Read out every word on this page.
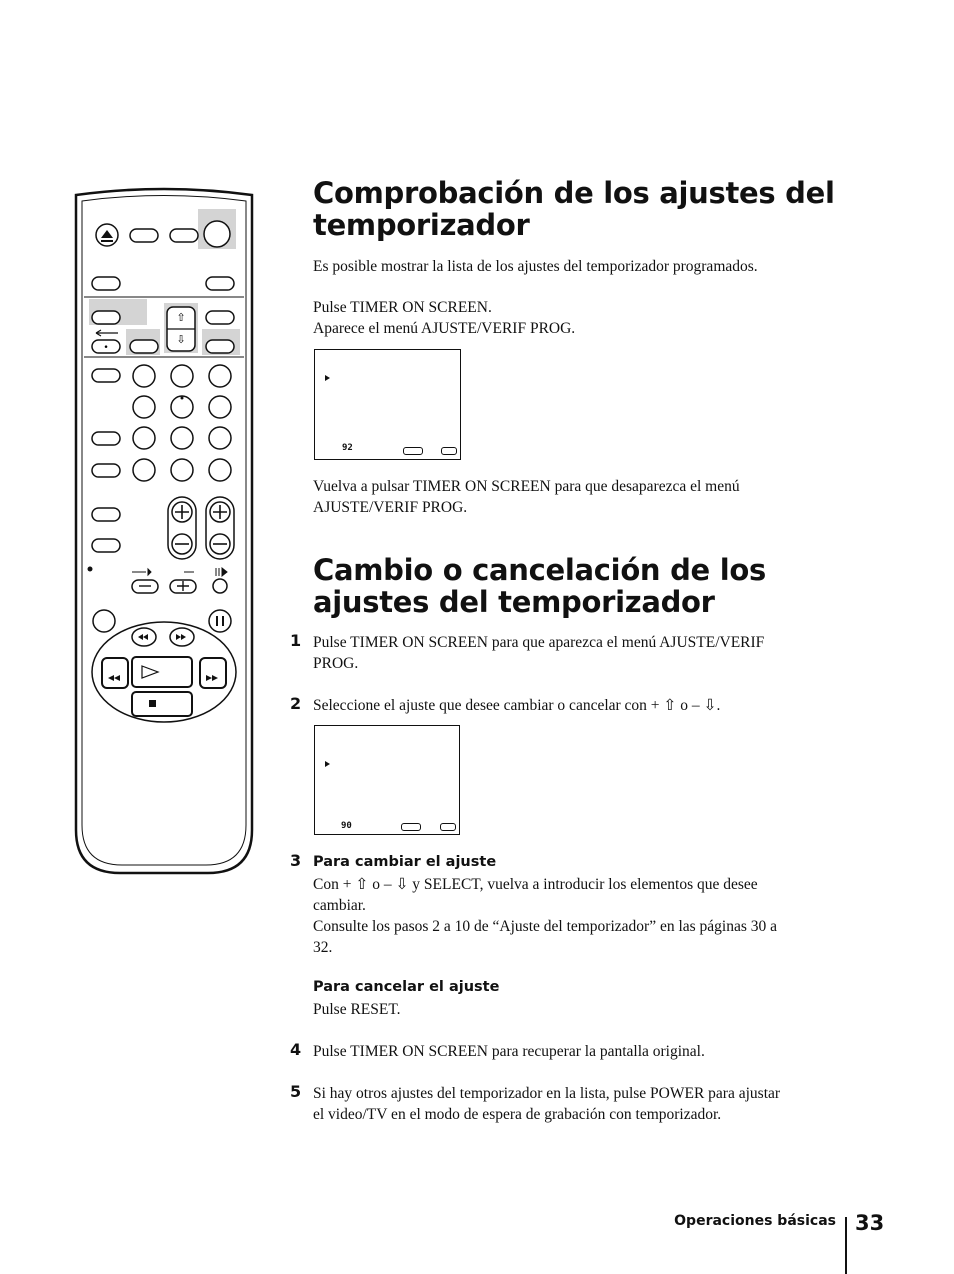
•
⇧
⇩
Comprobación de los ajustes del
temporizador
Es posible mostrar la lista de los ajustes del temporizador programados.
Pulse TIMER ON SCREEN.
Aparece el menú AJUSTE/VERIF PROG.
92
Vuelva a pulsar TIMER ON SCREEN para que desaparezca el menú
AJUSTE/VERIF PROG.
Cambio o cancelación de los
ajustes del temporizador
1 Pulse TIMER ON SCREEN para que aparezca el menú AJUSTE/VERIF
PROG.
2 Seleccione el ajuste que desee cambiar o cancelar con + ⇧ o – ⇩.
90
3 Para cambiar el ajuste
Con + ⇧ o – ⇩ y SELECT, vuelva a introducir los elementos que desee
cambiar.
Consulte los pasos 2 a 10 de “Ajuste del temporizador” en las páginas 30 a
32.
Para cancelar el ajuste
Pulse RESET.
4 Pulse TIMER ON SCREEN para recuperar la pantalla original.
5 Si hay otros ajustes del temporizador en la lista, pulse POWER para ajustar
el video/TV en el modo de espera de grabación con temporizador.
Operaciones básicas 33
